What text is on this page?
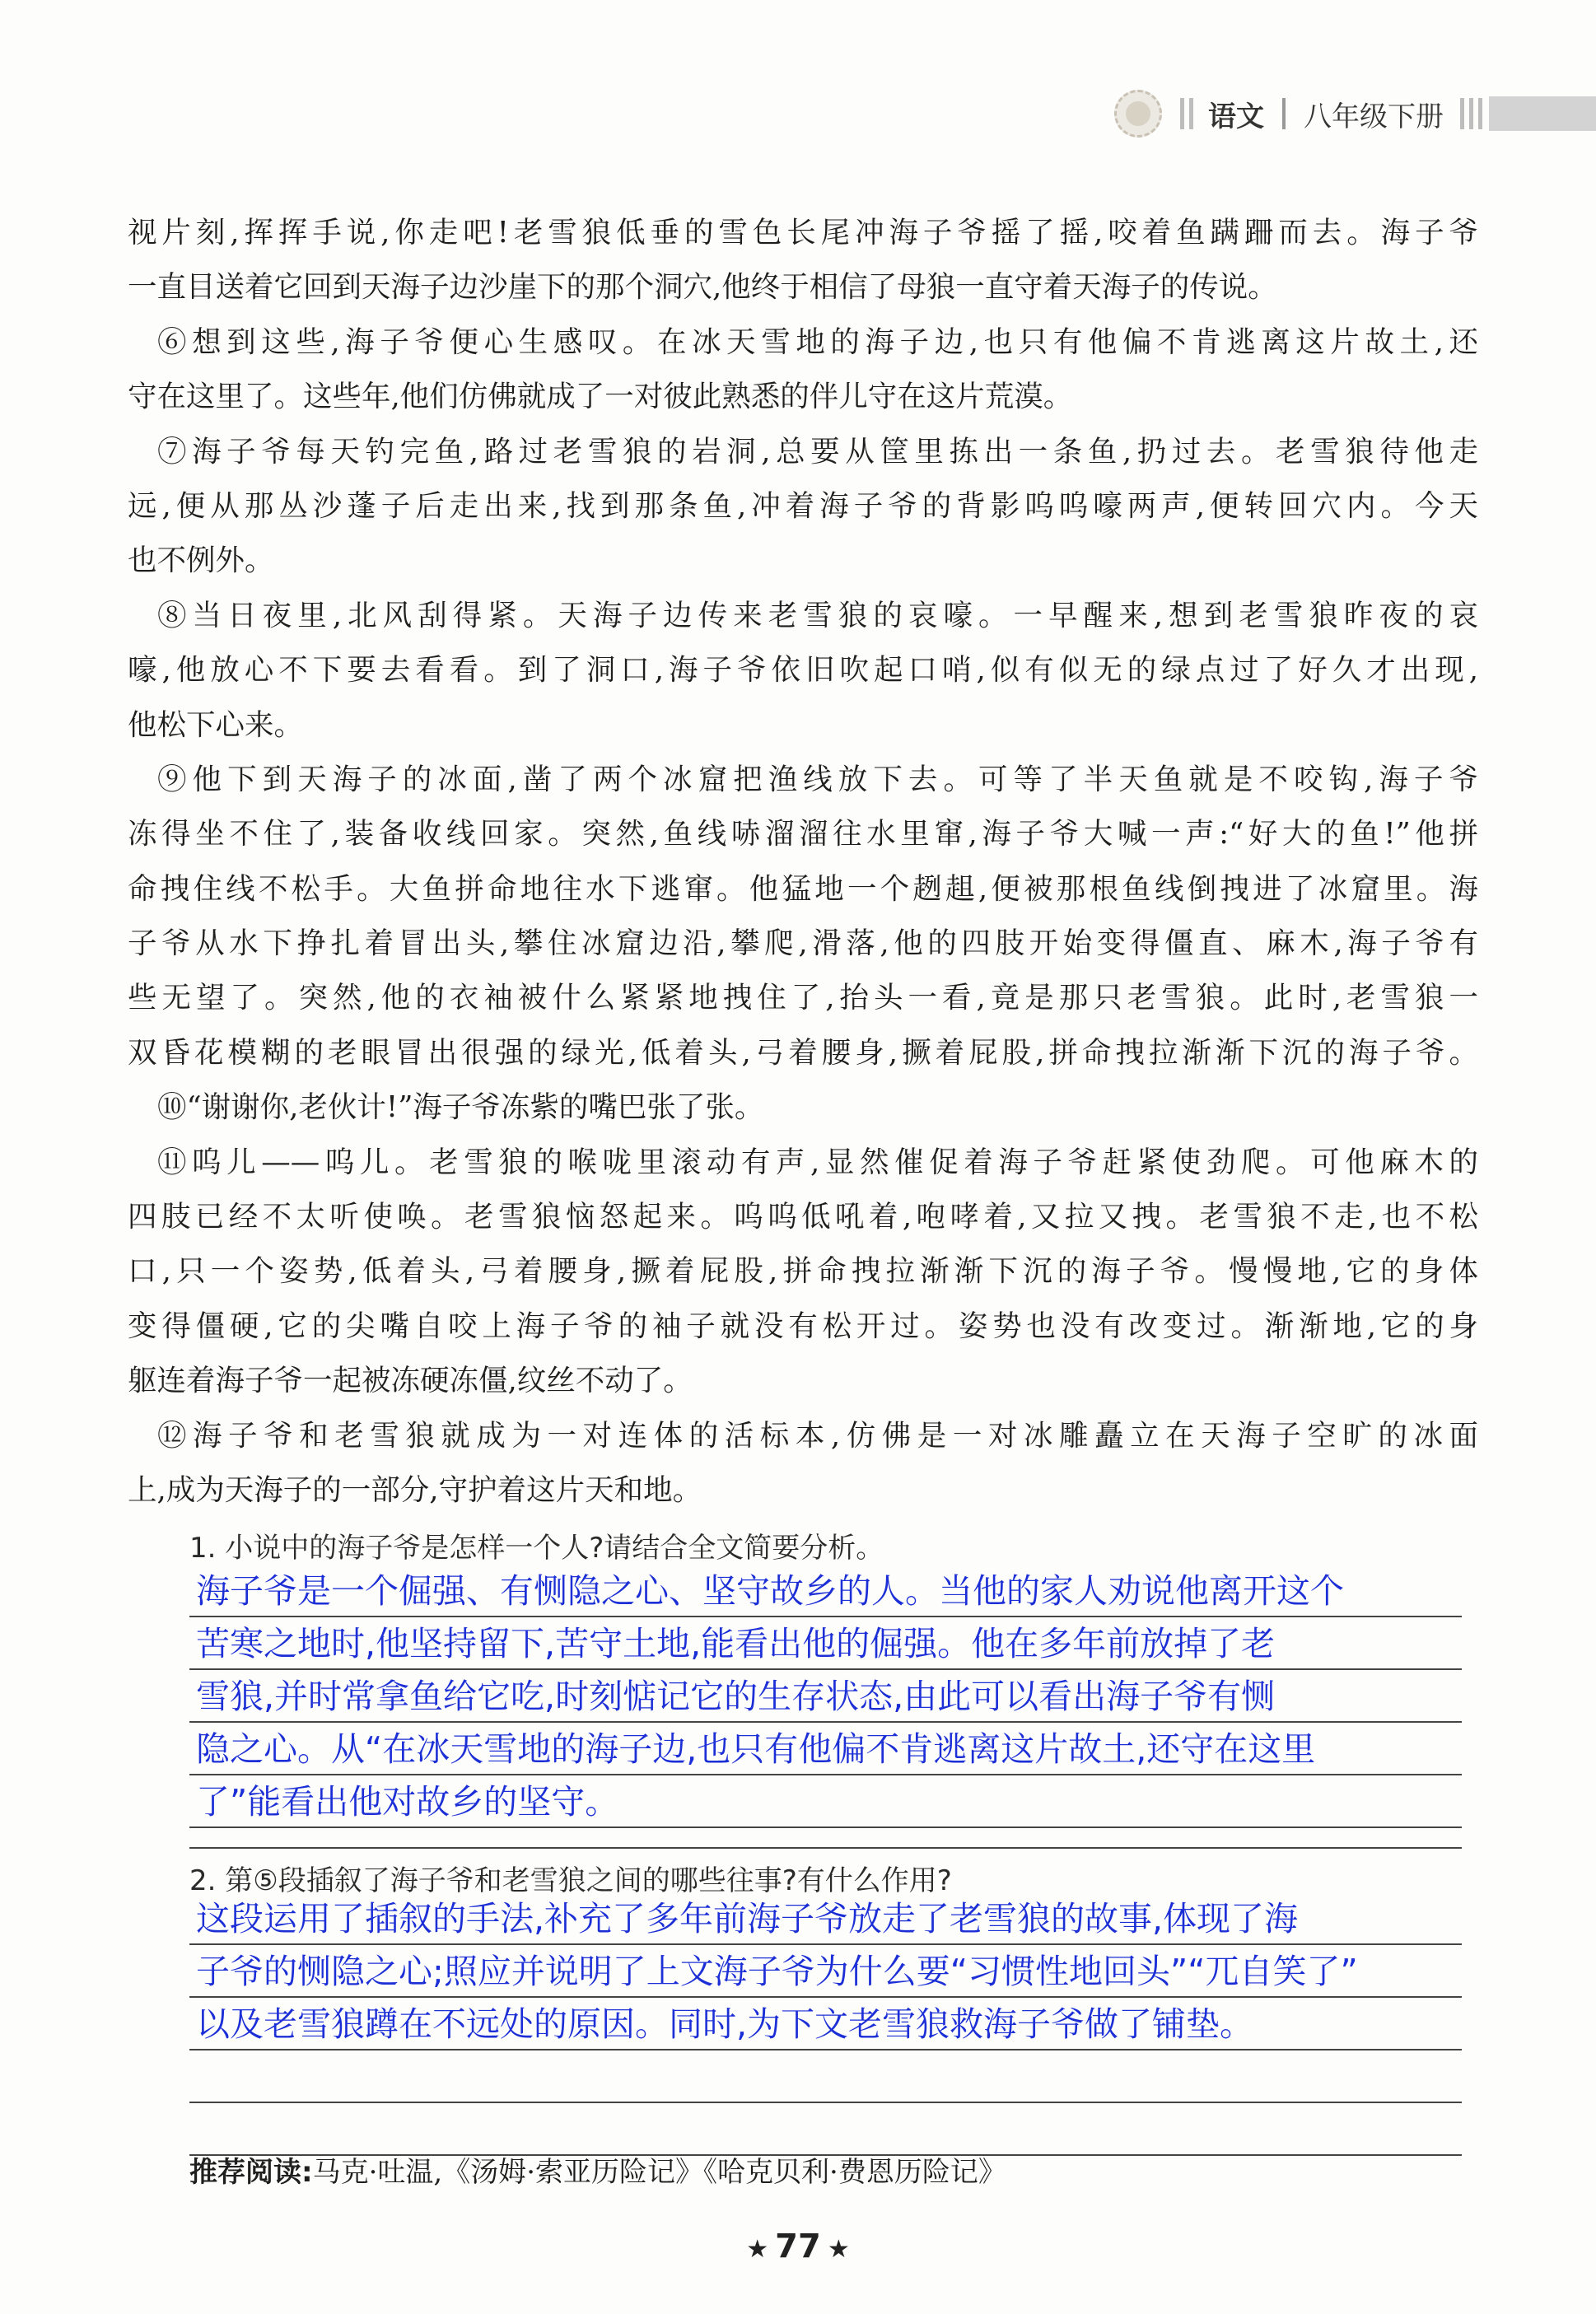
语文 八年级下册
视片刻,挥挥手说,你走吧!老雪狼低垂的雪色长尾冲海子爷摇了摇,咬着鱼蹒跚而去。海子爷
一直目送着它回到天海子边沙崖下的那个洞穴,他终于相信了母狼一直守着天海子的传说。
⑥想到这些,海子爷便心生感叹。在冰天雪地的海子边,也只有他偏不肯逃离这片故土,还
守在这里了。这些年,他们仿佛就成了一对彼此熟悉的伴儿守在这片荒漠。
⑦海子爷每天钓完鱼,路过老雪狼的岩洞,总要从筐里拣出一条鱼,扔过去。老雪狼待他走
远,便从那丛沙蓬子后走出来,找到那条鱼,冲着海子爷的背影呜呜嚎两声,便转回穴内。今天
也不例外。
⑧当日夜里,北风刮得紧。天海子边传来老雪狼的哀嚎。一早醒来,想到老雪狼昨夜的哀
嚎,他放心不下要去看看。到了洞口,海子爷依旧吹起口哨,似有似无的绿点过了好久才出现,
他松下心来。
⑨他下到天海子的冰面,凿了两个冰窟把渔线放下去。可等了半天鱼就是不咬钩,海子爷
冻得坐不住了,装备收线回家。突然,鱼线哧溜溜往水里窜,海子爷大喊一声:“好大的鱼!”他拼
命拽住线不松手。大鱼拼命地往水下逃窜。他猛地一个趔趄,便被那根鱼线倒拽进了冰窟里。海
子爷从水下挣扎着冒出头,攀住冰窟边沿,攀爬,滑落,他的四肢开始变得僵直、麻木,海子爷有
些无望了。突然,他的衣袖被什么紧紧地拽住了,抬头一看,竟是那只老雪狼。此时,老雪狼一
双昏花模糊的老眼冒出很强的绿光,低着头,弓着腰身,撅着屁股,拼命拽拉渐渐下沉的海子爷。
⑩“谢谢你,老伙计!”海子爷冻紫的嘴巴张了张。
⑪呜儿——呜儿。老雪狼的喉咙里滚动有声,显然催促着海子爷赶紧使劲爬。可他麻木的
四肢已经不太听使唤。老雪狼恼怒起来。呜呜低吼着,咆哮着,又拉又拽。老雪狼不走,也不松
口,只一个姿势,低着头,弓着腰身,撅着屁股,拼命拽拉渐渐下沉的海子爷。慢慢地,它的身体
变得僵硬,它的尖嘴自咬上海子爷的袖子就没有松开过。姿势也没有改变过。渐渐地,它的身
躯连着海子爷一起被冻硬冻僵,纹丝不动了。
⑫海子爷和老雪狼就成为一对连体的活标本,仿佛是一对冰雕矗立在天海子空旷的冰面
上,成为天海子的一部分,守护着这片天和地。
1. 小说中的海子爷是怎样一个人?请结合全文简要分析。
海子爷是一个倔强、有恻隐之心、坚守故乡的人。当他的家人劝说他离开这个
苦寒之地时,他坚持留下,苦守土地,能看出他的倔强。他在多年前放掉了老
雪狼,并时常拿鱼给它吃,时刻惦记它的生存状态,由此可以看出海子爷有恻
隐之心。从“在冰天雪地的海子边,也只有他偏不肯逃离这片故土,还守在这里
了”能看出他对故乡的坚守。
2. 第⑤段插叙了海子爷和老雪狼之间的哪些往事?有什么作用?
这段运用了插叙的手法,补充了多年前海子爷放走了老雪狼的故事,体现了海
子爷的恻隐之心;照应并说明了上文海子爷为什么要“习惯性地回头”“兀自笑了”
以及老雪狼蹲在不远处的原因。同时,为下文老雪狼救海子爷做了铺垫。
推荐阅读:马克·吐温,《汤姆·索亚历险记》《哈克贝利·费恩历险记》
★ 77 ★
